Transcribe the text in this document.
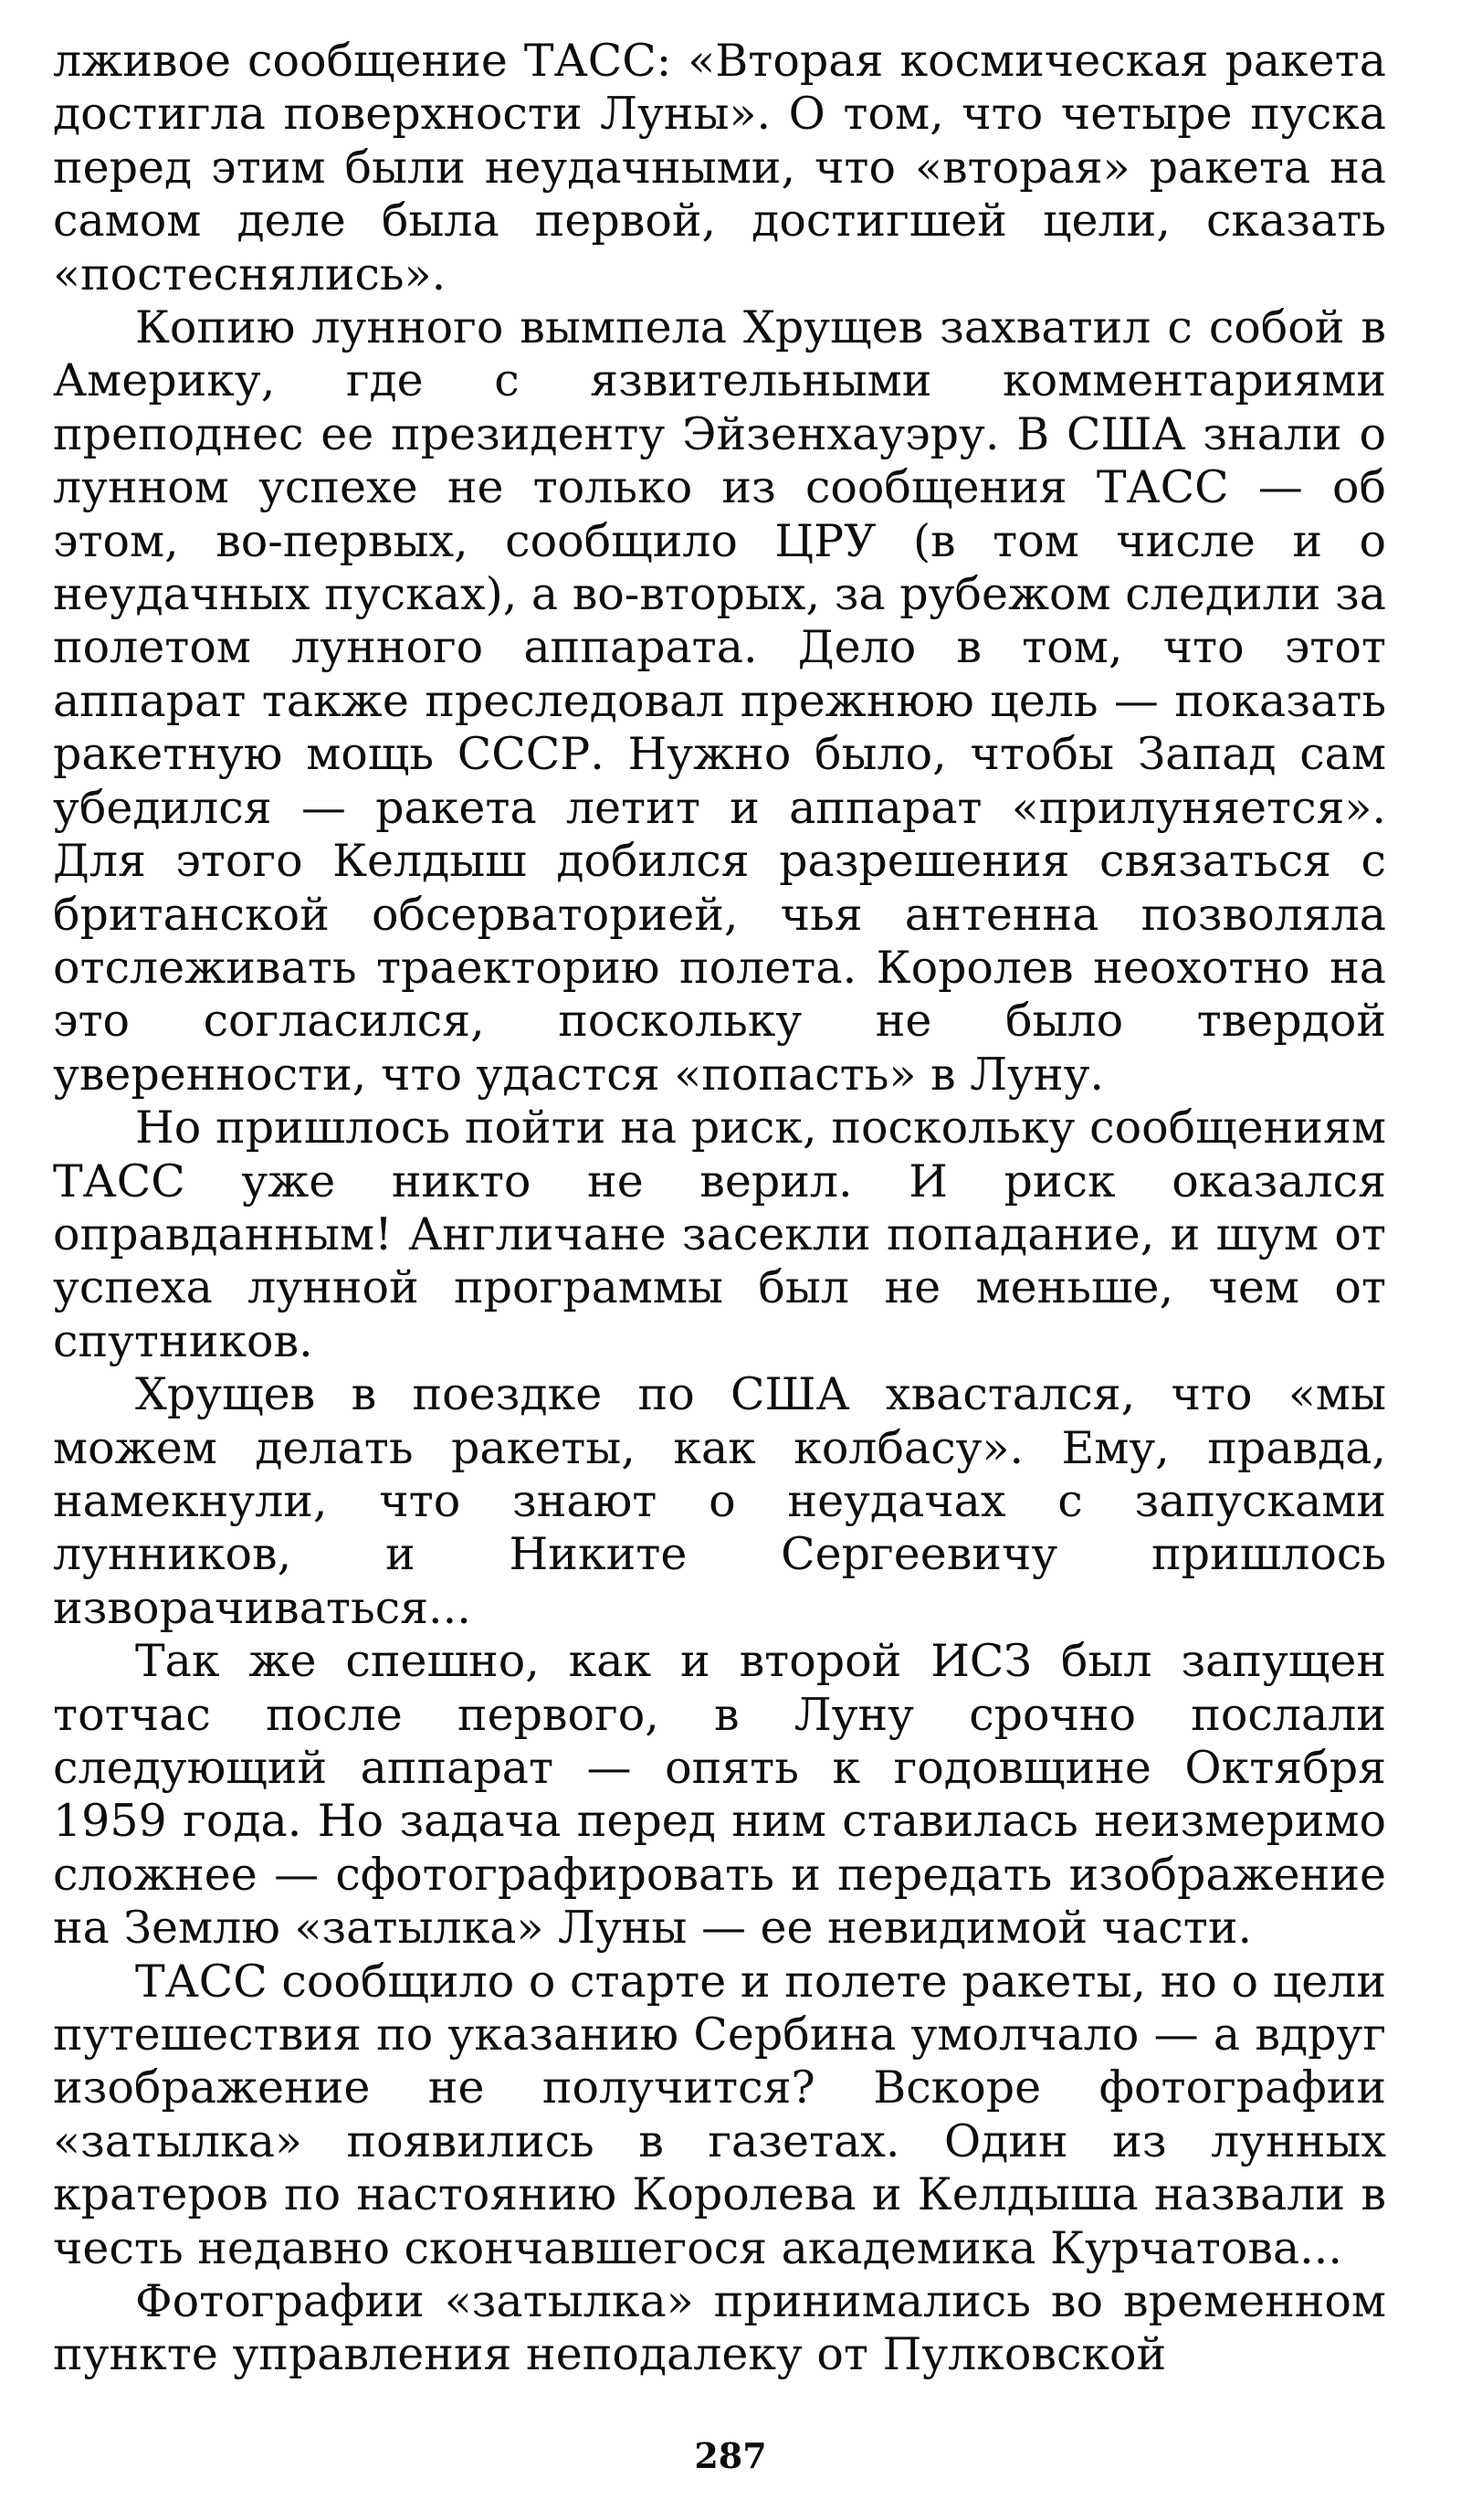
лживое сообщение ТАСС: «Вторая космическая ракета достигла поверхности Луны». О том, что четыре пуска перед этим были неудачными, что «вторая» ракета на самом деле была первой, достигшей цели, сказать «постеснялись».

Копию лунного вымпела Хрущев захватил с собой в Америку, где с язвительными комментариями преподнес ее президенту Эйзенхауэру. В США знали о лунном успехе не только из сообщения ТАСС — об этом, во-первых, сообщило ЦРУ (в том числе и о неудачных пусках), а во-вторых, за рубежом следили за полетом лунного аппарата. Дело в том, что этот аппарат также преследовал прежнюю цель — показать ракетную мощь СССР. Нужно было, чтобы Запад сам убедился — ракета летит и аппарат «прилуняется». Для этого Келдыш добился разрешения связаться с британской обсерваторией, чья антенна позволяла отслеживать траекторию полета. Королев неохотно на это согласился, поскольку не было твердой уверенности, что удастся «попасть» в Луну.

Но пришлось пойти на риск, поскольку сообщениям ТАСС уже никто не верил. И риск оказался оправданным! Англичане засекли попадание, и шум от успеха лунной программы был не меньше, чем от спутников.

Хрущев в поездке по США хвастался, что «мы можем делать ракеты, как колбасу». Ему, правда, намекнули, что знают о неудачах с запусками лунников, и Никите Сергеевичу пришлось изворачиваться...

Так же спешно, как и второй ИСЗ был запущен тотчас после первого, в Луну срочно послали следующий аппарат — опять к годовщине Октября 1959 года. Но задача перед ним ставилась неизмеримо сложнее — сфотографировать и передать изображение на Землю «затылка» Луны — ее невидимой части.

ТАСС сообщило о старте и полете ракеты, но о цели путешествия по указанию Сербина умолчало — а вдруг изображение не получится? Вскоре фотографии «затылка» появились в газетах. Один из лунных кратеров по настоянию Королева и Келдыша назвали в честь недавно скончавшегося академика Курчатова...

Фотографии «затылка» принимались во временном пункте управления неподалеку от Пулковской

287
